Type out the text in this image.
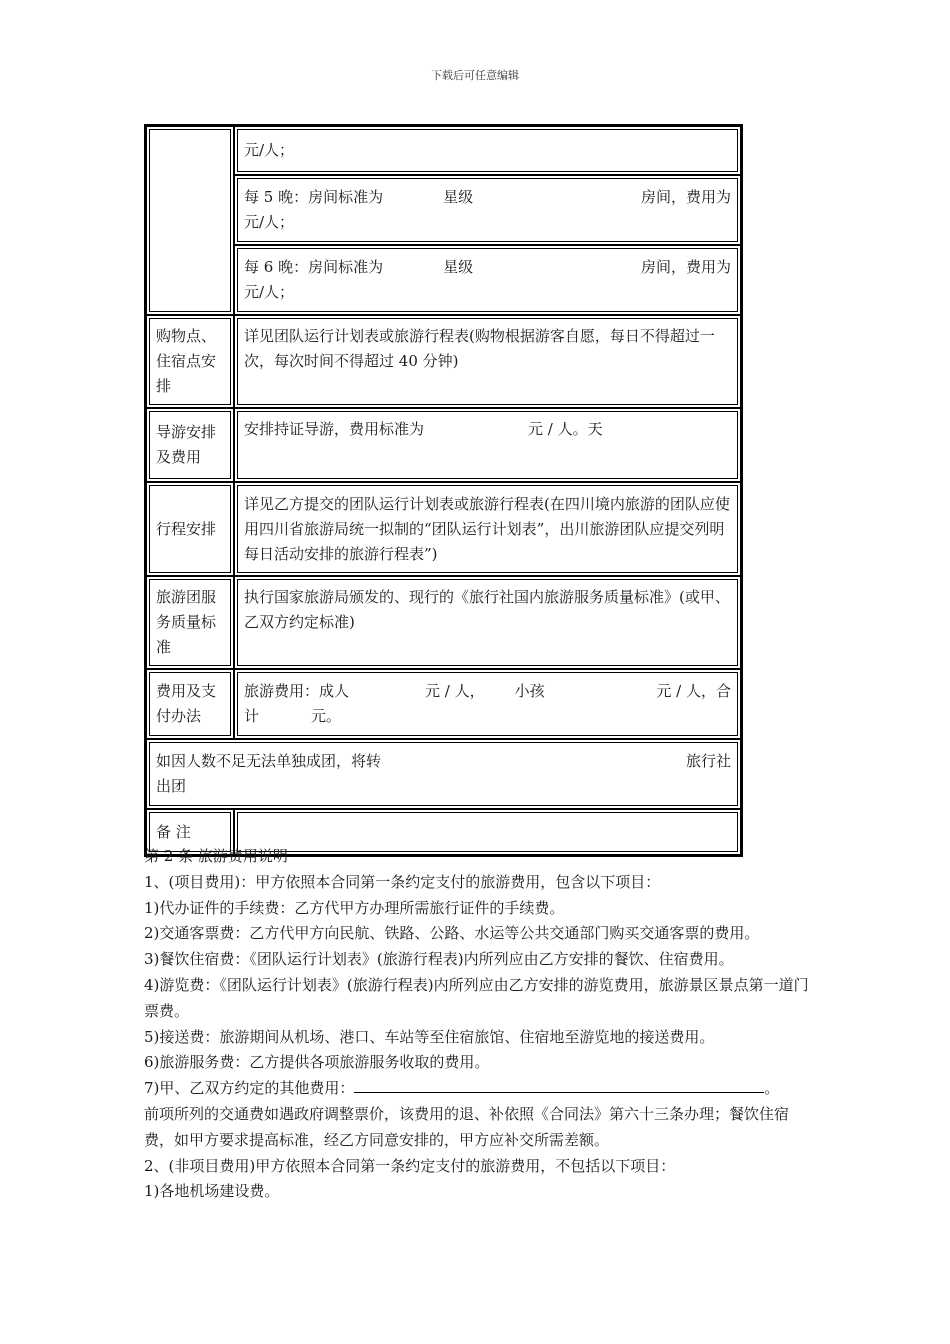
下载后可任意编辑
	元/人；

	每 5 晚：房间标准为 星级 房间，费用为
元/人；

	每 6 晚：房间标准为 星级 房间，费用为
元/人；

购物点、住宿点安排	详见团队运行计划表或旅游行程表(购物根据游客自愿，每日不得超过一次，每次时间不得超过 40 分钟)
导游安排及费用	安排持证导游，费用标准为 元 / 人。天
行程安排	详见乙方提交的团队运行计划表或旅游行程表(在四川境内旅游的团队应使用四川省旅游局统一拟制的“团队运行计划表”，出川旅游团队应提交列明每日活动安排的旅游行程表”)
旅游团服务质量标准	执行国家旅游局颁发的、现行的《旅行社国内旅游服务质量标准》(或甲、乙双方约定标准)
费用及支付办法	旅游费用：成人 元 / 人， 小孩 元 / 人，合
计 元。

如因人数不足无法单独成团，将转 旅行社
出团	

备 注	

第 2 条 旅游费用说明

1、(项目费用)：甲方依照本合同第一条约定支付的旅游费用，包含以下项目：

1)代办证件的手续费：乙方代甲方办理所需旅行证件的手续费。

2)交通客票费：乙方代甲方向民航、铁路、公路、水运等公共交通部门购买交通客票的费用。

3)餐饮住宿费：《团队运行计划表》(旅游行程表)内所列应由乙方安排的餐饮、住宿费用。

4)游览费：《团队运行计划表》(旅游行程表)内所列应由乙方安排的游览费用，旅游景区景点第一道门票费。

5)接送费：旅游期间从机场、港口、车站等至住宿旅馆、住宿地至游览地的接送费用。

6)旅游服务费：乙方提供各项旅游服务收取的费用。

7)甲、乙双方约定的其他费用：	。

前项所列的交通费如遇政府调整票价，该费用的退、补依照《合同法》第六十三条办理；餐饮住宿费，如甲方要求提高标准，经乙方同意安排的，甲方应补交所需差额。

2、(非项目费用)甲方依照本合同第一条约定支付的旅游费用，不包括以下项目：

1)各地机场建设费。
